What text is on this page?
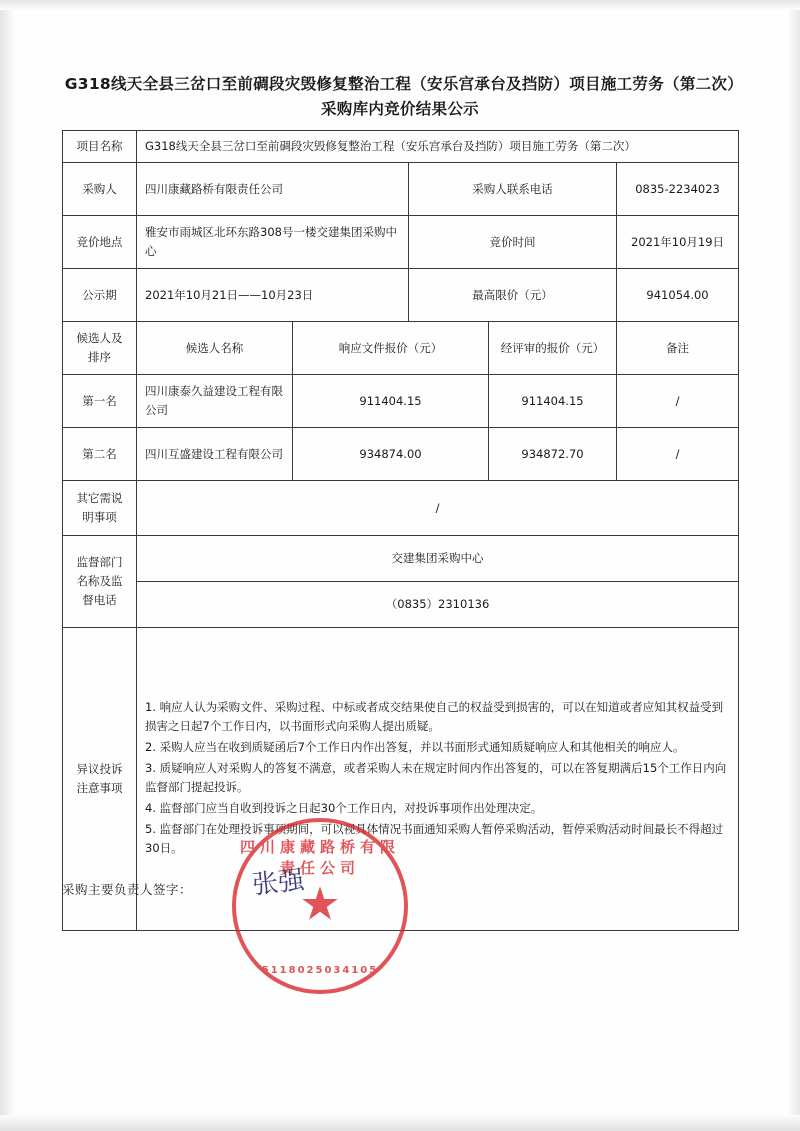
G318线天全县三岔口至前碉段灾毁修复整治工程（安乐宫承台及挡防）项目施工劳务（第二次）采购库内竞价结果公示
项目名称	G318线天全县三岔口至前碉段灾毁修复整治工程（安乐宫承台及挡防）项目施工劳务（第二次）				
采购人	四川康藏路桥有限责任公司		采购人联系电话		0835-2234023
竞价地点	雅安市雨城区北环东路308号一楼交建集团采购中心		竞价时间		2021年10月19日
公示期	2021年10月21日——10月23日		最高限价（元）		941054.00
候选人及排序	候选人名称	响应文件报价（元）		经评审的报价（元）	备注
第一名	四川康泰久益建设工程有限公司	911404.15		911404.15	/
第二名	四川互盛建设工程有限公司	934874.00		934872.70	/
其它需说明事项	/				
监督部门名称及监督电话	交建集团采购中心				
	（0835）2310136				
异议投诉注意事项	1. 响应人认为采购文件、采购过程、中标或者成交结果使自己的权益受到损害的，可以在知道或者应知其权益受到损害之日起7个工作日内，以书面形式向采购人提出质疑。

2. 采购人应当在收到质疑函后7个工作日内作出答复，并以书面形式通知质疑响应人和其他相关的响应人。

3. 质疑响应人对采购人的答复不满意，或者采购人未在规定时间内作出答复的，可以在答复期满后15个工作日内向监督部门提起投诉。

4. 监督部门应当自收到投诉之日起30个工作日内，对投诉事项作出处理决定。

5. 监督部门在处理投诉事项期间，可以视具体情况书面通知采购人暂停采购活动，暂停采购活动时间最长不得超过30日。				

采购主要负责人签字：
四川康藏路桥有限责任公司
★
5118025034105
张强
